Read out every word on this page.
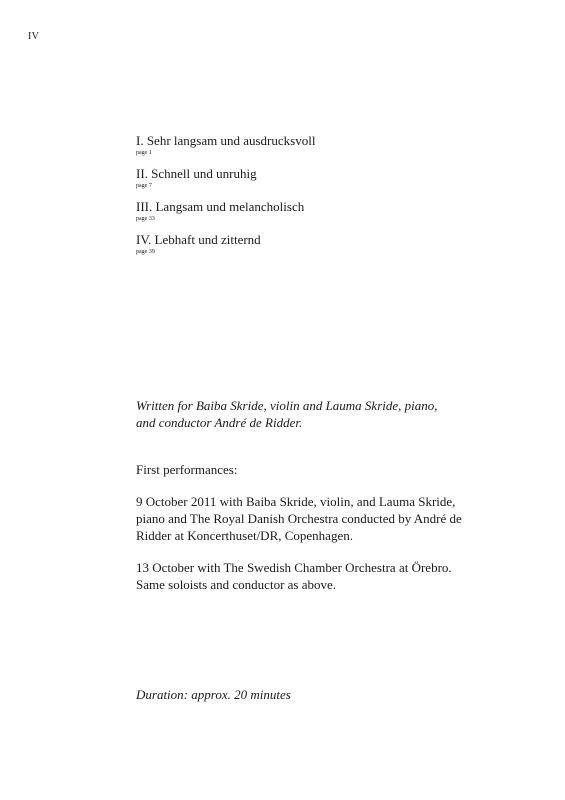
IV
I. Sehr langsam und ausdrucksvoll
page 1
II. Schnell und unruhig
page 7
III. Langsam und melancholisch
page 33
IV. Lebhaft und zitternd
page 39
Written for Baiba Skride, violin and Lauma Skride, piano,
and conductor André de Ridder.

First performances:

9 October 2011 with Baiba Skride, violin, and Lauma Skride,
piano and The Royal Danish Orchestra conducted by André de
Ridder at Koncerthuset/DR, Copenhagen.

13 October with The Swedish Chamber Orchestra at Örebro.
Same soloists and conductor as above.

Duration: approx. 20 minutes
